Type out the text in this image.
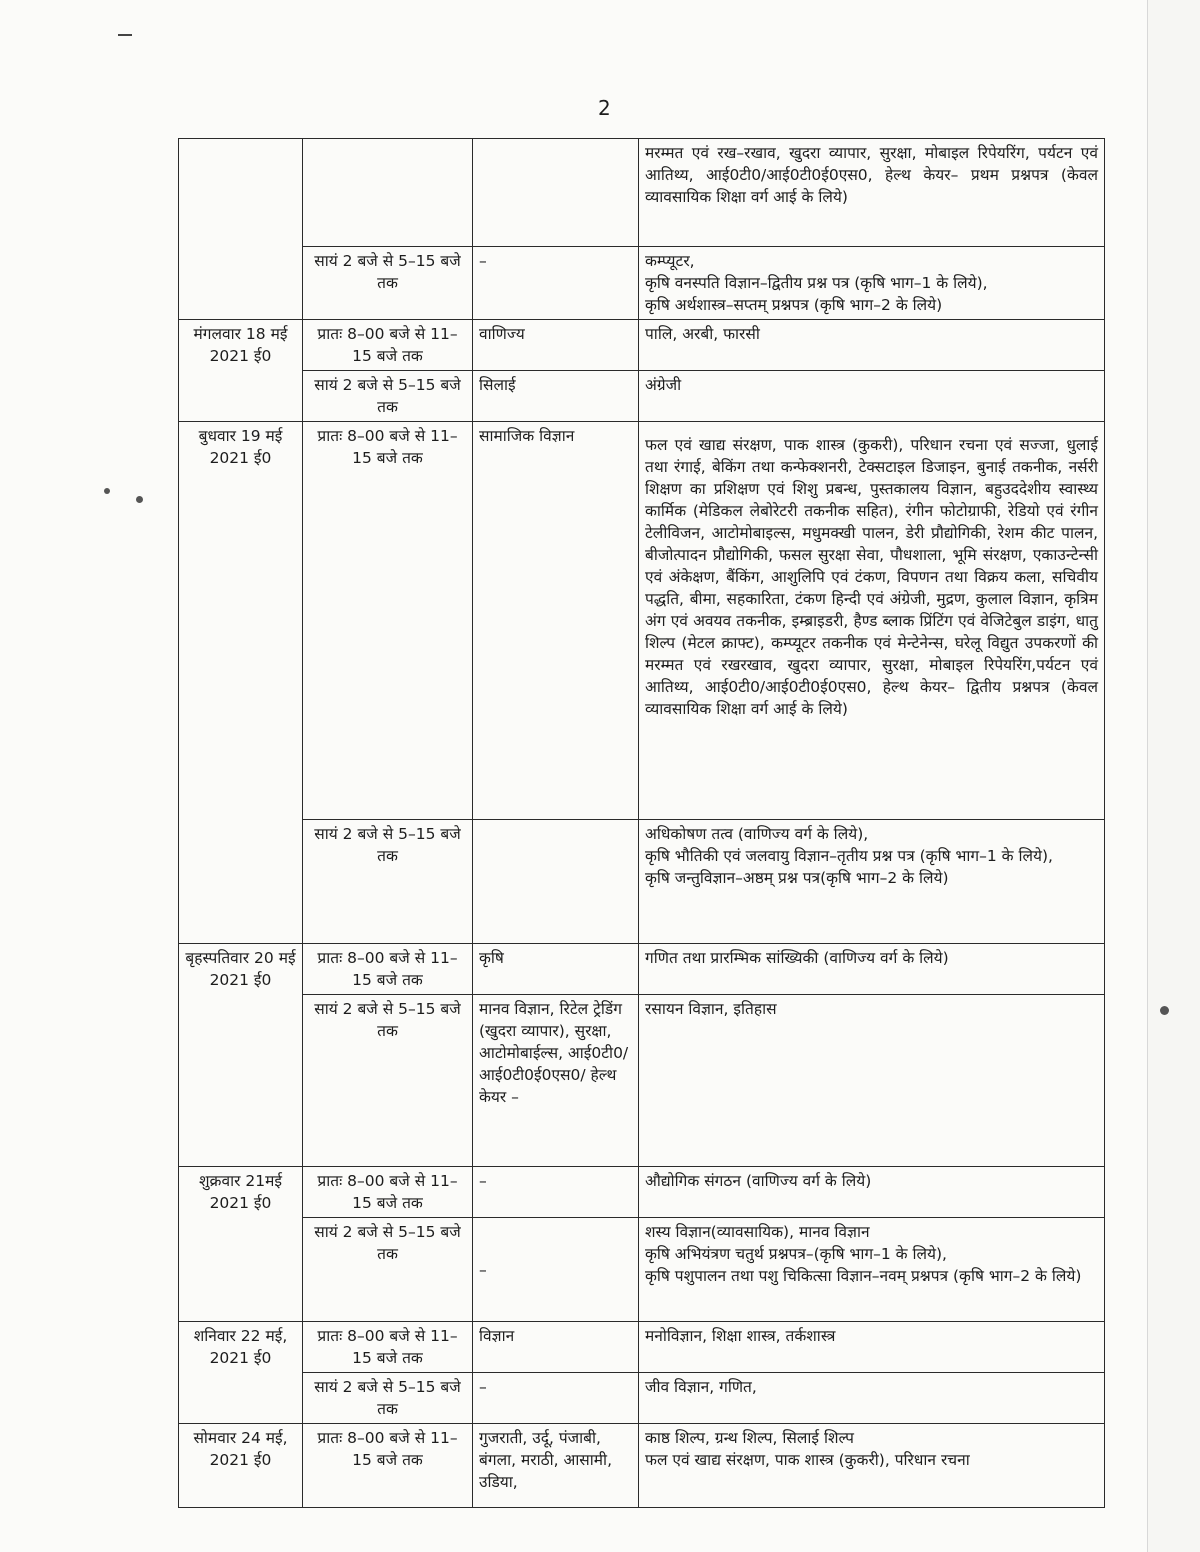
2
			मरम्मत एवं रख–रखाव, खुदरा व्यापार, सुरक्षा, मोबाइल रिपेयरिंग, पर्यटन एवं आतिथ्य, आई0टी0/आई0टी0ई0एस0, हेल्थ केयर– प्रथम प्रश्नपत्र (केवल व्यावसायिक शिक्षा वर्ग आई के लिये)
	सायं 2 बजे से 5–15 बजे तक	–	कम्प्यूटर,
कृषि वनस्पति विज्ञान–द्वितीय प्रश्न पत्र (कृषि भाग–1 के लिये),
कृषि अर्थशास्त्र–सप्तम् प्रश्नपत्र (कृषि भाग–2 के लिये)

मंगलवार 18 मई 2021 ई0	प्रातः 8–00 बजे से 11–15 बजे तक	वाणिज्य	पालि, अरबी, फारसी
	सायं 2 बजे से 5–15 बजे तक	सिलाई	अंग्रेजी
बुधवार 19 मई 2021 ई0	प्रातः 8–00 बजे से 11–15 बजे तक	सामाजिक विज्ञान	फल एवं खाद्य संरक्षण, पाक शास्त्र (कुकरी), परिधान रचना एवं सज्जा, धुलाई तथा रंगाई, बेकिंग तथा कन्फेक्शनरी, टेक्सटाइल डिजाइन, बुनाई तकनीक, नर्सरी शिक्षण का प्रशिक्षण एवं शिशु प्रबन्ध, पुस्तकालय विज्ञान, बहुउददेशीय स्वास्थ्य कार्मिक (मेडिकल लेबोरेटरी तकनीक सहित), रंगीन फोटोग्राफी, रेडियो एवं रंगीन टेलीविजन, आटोमोबाइल्स, मधुमक्खी पालन, डेरी प्रौद्योगिकी, रेशम कीट पालन, बीजोत्पादन प्रौद्योगिकी, फसल सुरक्षा सेवा, पौधशाला, भूमि संरक्षण, एकाउन्टेन्सी एवं अंकेक्षण, बैंकिंग, आशुलिपि एवं टंकण, विपणन तथा विक्रय कला, सचिवीय पद्धति, बीमा, सहकारिता, टंकण हिन्दी एवं अंग्रेजी, मुद्रण, कुलाल विज्ञान, कृत्रिम अंग एवं अवयव तकनीक, इम्ब्राइडरी, हैण्ड ब्लाक प्रिंटिंग एवं वेजिटेबुल डाइंग, धातु शिल्प (मेटल क्राफ्ट), कम्प्यूटर तकनीक एवं मेन्टेनेन्स, घरेलू विद्युत उपकरणों की मरम्मत एवं रखरखाव, खुदरा व्यापार, सुरक्षा, मोबाइल रिपेयरिंग,पर्यटन एवं आतिथ्य, आई0टी0/आई0टी0ई0एस0, हेल्थ केयर– द्वितीय प्रश्नपत्र (केवल व्यावसायिक शिक्षा वर्ग आई के लिये)
	सायं 2 बजे से 5–15 बजे तक		अधिकोषण तत्व (वाणिज्य वर्ग के लिये),
कृषि भौतिकी एवं जलवायु विज्ञान–तृतीय प्रश्न पत्र (कृषि भाग–1 के लिये),
कृषि जन्तुविज्ञान–अष्ठम् प्रश्न पत्र(कृषि भाग–2 के लिये)

बृहस्पतिवार 20 मई 2021 ई0	प्रातः 8–00 बजे से 11–15 बजे तक	कृषि	गणित तथा प्रारम्भिक सांख्यिकी (वाणिज्य वर्ग के लिये)
	सायं 2 बजे से 5–15 बजे तक	मानव विज्ञान, रिटेल ट्रेडिंग (खुदरा व्यापार), सुरक्षा, आटोमोबाईल्स, आई0टी0/ आई0टी0ई0एस0/ हेल्थ केयर –	रसायन विज्ञान, इतिहास
शुक्रवार 21मई 2021 ई0	प्रातः 8–00 बजे से 11–15 बजे तक	–	औद्योगिक संगठन (वाणिज्य वर्ग के लिये)
	सायं 2 बजे से 5–15 बजे तक	–	शस्य विज्ञान(व्यावसायिक), मानव विज्ञान
कृषि अभियंत्रण चतुर्थ प्रश्नपत्र–(कृषि भाग–1 के लिये),
कृषि पशुपालन तथा पशु चिकित्सा विज्ञान–नवम् प्रश्नपत्र (कृषि भाग–2 के लिये)

शनिवार 22 मई, 2021 ई0	प्रातः 8–00 बजे से 11–15 बजे तक	विज्ञान	मनोविज्ञान, शिक्षा शास्त्र, तर्कशास्त्र
	सायं 2 बजे से 5–15 बजे तक	–	जीव विज्ञान, गणित,
सोमवार 24 मई, 2021 ई0	प्रातः 8–00 बजे से 11–15 बजे तक	गुजराती, उर्दू, पंजाबी, बंगला, मराठी, आसामी, उडिया,	काष्ठ शिल्प, ग्रन्थ शिल्प, सिलाई शिल्प
फल एवं खाद्य संरक्षण, पाक शास्त्र (कुकरी), परिधान रचना
